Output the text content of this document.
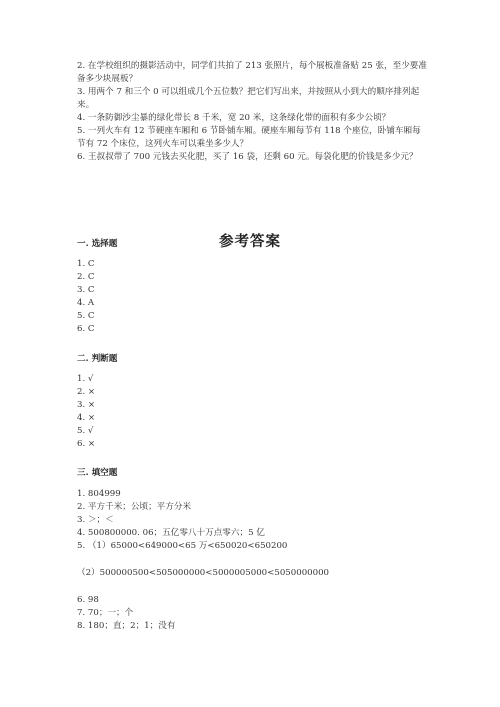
2. 在学校组织的摄影活动中，同学们共拍了 213 张照片，每个展板准备贴 25 张，至少要准备多少块展板？

3. 用两个 7 和三个 0 可以组成几个五位数？把它们写出来，并按照从小到大的顺序排列起来。

4. 一条防御沙尘暴的绿化带长 8 千米，宽 20 米，这条绿化带的面积有多少公顷？

5. 一列火车有 12 节硬座车厢和 6 节卧铺车厢。硬座车厢每节有 118 个座位，卧铺车厢每节有 72 个床位，这列火车可以乘坐多少人？

6. 王叔叔带了 700 元钱去买化肥，买了 16 袋，还剩 60 元。每袋化肥的价钱是多少元？

参考答案
一. 选择题
1. C
2. C
3. C
4. A
5. C
6. C
二. 判断题
1. √
2. ×
3. ×
4. ×
5. √
6. ×
三. 填空题
1. 804999
2. 平方千米；公顷；平方分米
3. ＞；＜
4. 500800000. 06；五亿零八十万点零六；5 亿
5. （1）65000<649000<65 万<650020<650200
（2）500000500<505000000<5000005000<5050000000
6. 98
7. 70；一；个
8. 180；直；2；1；没有
